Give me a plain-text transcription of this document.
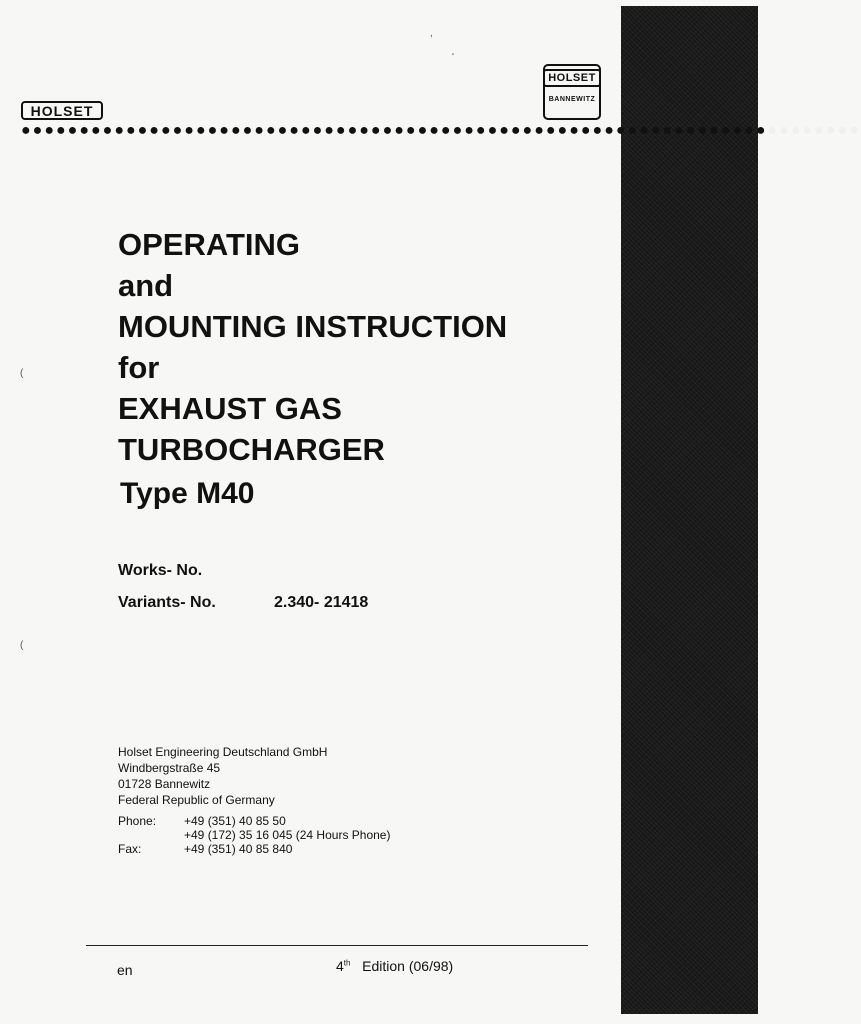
HOLSET
HOLSET
BANNEWITZ
●●●●●●●●●●●●●●●●●●●●●●●●●●●●●●●●●●●●●●●●●●●●●●●●●●●●●●●●●●●●●●●●●●●●●●●●
OPERATING
and
MOUNTING INSTRUCTION
for
EXHAUST GAS
TURBOCHARGER
Type M40
Works- No.
Variants- No.	2.340- 21418
Holset Engineering Deutschland GmbH
Windbergstraße 45
01728 Bannewitz
Federal Republic of Germany
Phone:	+49 (351) 40 85 50
+49 (172) 35 16 045 (24 Hours Phone)
Fax:	+49 (351) 40 85 840
en	4th Edition (06/98)
,
'
(
(
